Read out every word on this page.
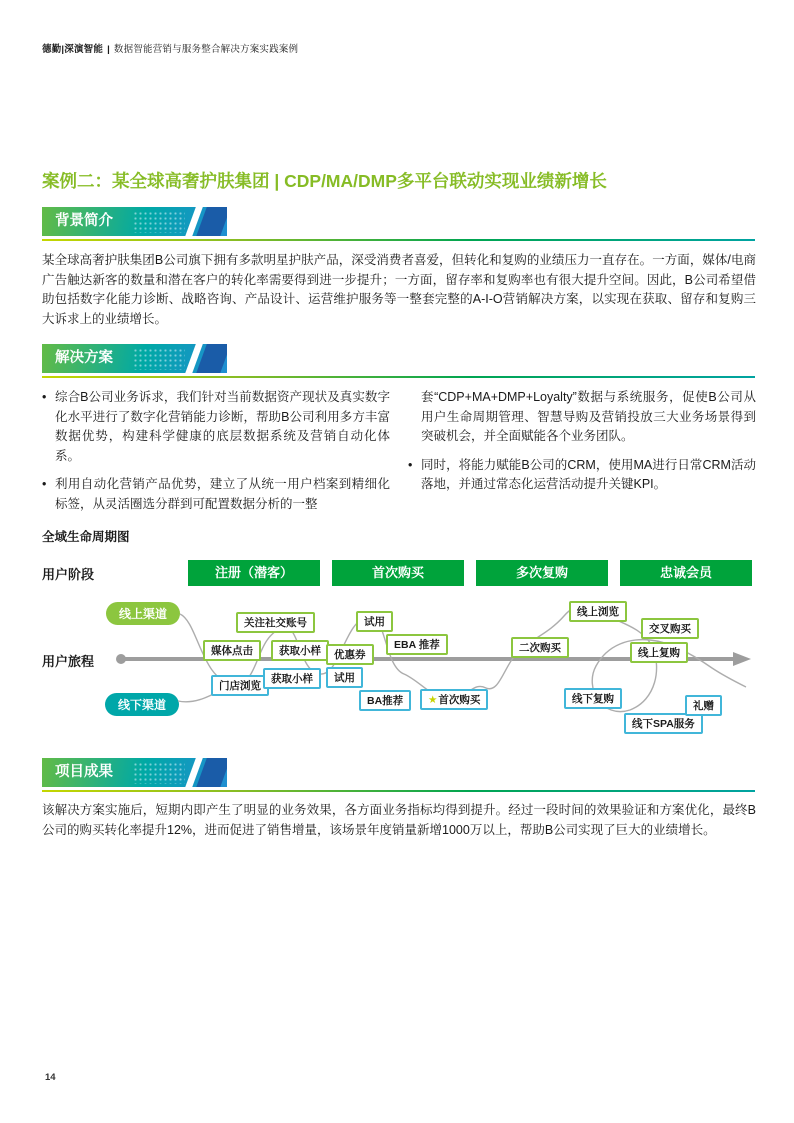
德勤|深演智能 | 数据智能营销与服务整合解决方案实践案例
案例二：某全球高奢护肤集团 | CDP/MA/DMP多平台联动实现业绩新增长
背景简介
某全球高奢护肤集团B公司旗下拥有多款明星护肤产品，深受消费者喜爱，但转化和复购的业绩压力一直存在。一方面，媒体/电商广告触达新客的数量和潜在客户的转化率需要得到进一步提升；一方面，留存率和复购率也有很大提升空间。因此，B公司希望借助包括数字化能力诊断、战略咨询、产品设计、运营维护服务等一整套完整的A-I-O营销解决方案，以实现在获取、留存和复购三大诉求上的业绩增长。
解决方案
• 综合B公司业务诉求，我们针对当前数据资产现状及真实数字化水平进行了数字化营销能力诊断，帮助B公司利用多方丰富数据优势，构建科学健康的底层数据系统及营销自动化体系。
• 利用自动化营销产品优势，建立了从统一用户档案到精细化标签，从灵活圈选分群到可配置数据分析的一整
套“CDP+MA+DMP+Loyalty”数据与系统服务，促使B公司从用户生命周期管理、智慧导购及营销投放三大业务场景得到突破机会，并全面赋能各个业务团队。
• 同时，将能力赋能B公司的CRM，使用MA进行日常CRM活动落地，并通过常态化运营活动提升关键KPI。
全域生命周期图
用户阶段	注册（潜客）	首次购买	多次复购	忠诚会员
用户旅程
线上渠道
线下渠道
关注社交账号
媒体点击	获取小样
试用
优惠券
EBA 推荐	二次购买
线上浏览
交叉购买
线上复购
门店浏览
获取小样	试用
BA推荐	★首次购买	线下复购
线下SPA服务
礼赠
项目成果
该解决方案实施后，短期内即产生了明显的业务效果，各方面业务指标均得到提升。经过一段时间的效果验证和方案优化，最终B公司的购买转化率提升12%，进而促进了销售增量，该场景年度销量新增1000万以上，帮助B公司实现了巨大的业绩增长。
14
